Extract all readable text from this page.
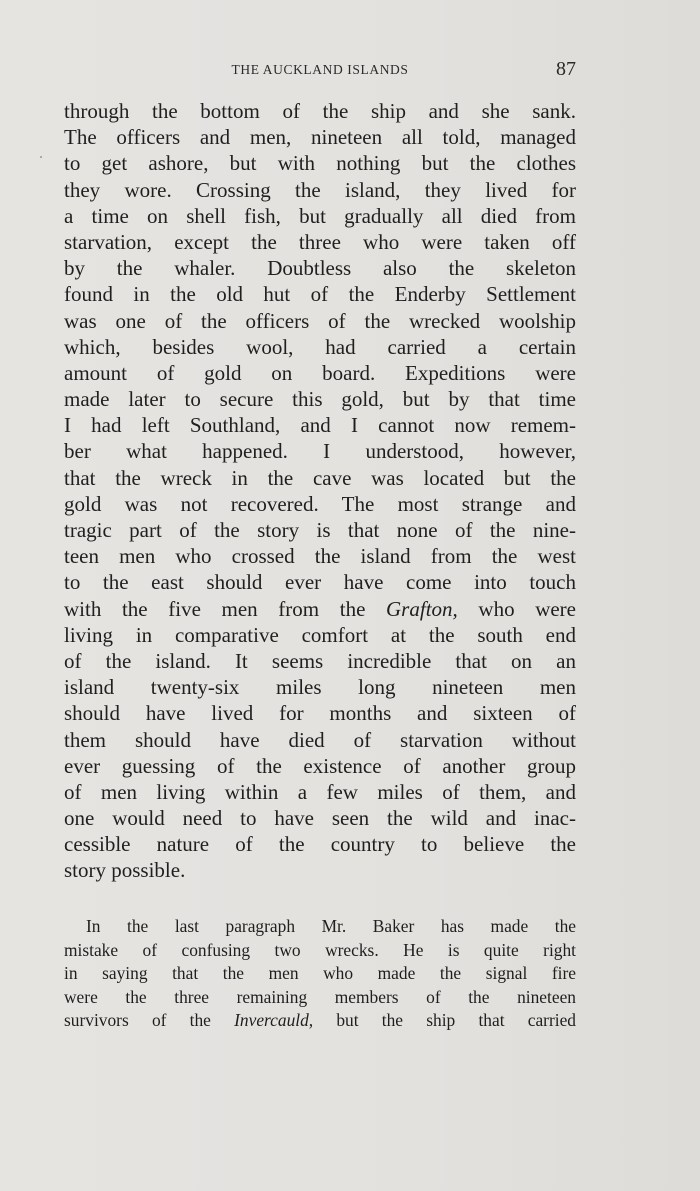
THE AUCKLAND ISLANDS	87
through the bottom of the ship and she sank.
The officers and men, nineteen all told, managed
to get ashore, but with nothing but the clothes
they wore. Crossing the island, they lived for
a time on shell fish, but gradually all died from
starvation, except the three who were taken off
by the whaler. Doubtless also the skeleton
found in the old hut of the Enderby Settlement
was one of the officers of the wrecked woolship
which, besides wool, had carried a certain
amount of gold on board. Expeditions were
made later to secure this gold, but by that time
I had left Southland, and I cannot now remem-
ber what happened. I understood, however,
that the wreck in the cave was located but the
gold was not recovered. The most strange and
tragic part of the story is that none of the nine-
teen men who crossed the island from the west
to the east should ever have come into touch
with the five men from the Grafton, who were
living in comparative comfort at the south end
of the island. It seems incredible that on an
island twenty-six miles long nineteen men
should have lived for months and sixteen of
them should have died of starvation without
ever guessing of the existence of another group
of men living within a few miles of them, and
one would need to have seen the wild and inac-
cessible nature of the country to believe the
story possible.
In the last paragraph Mr. Baker has made the
mistake of confusing two wrecks. He is quite right
in saying that the men who made the signal fire
were the three remaining members of the nineteen
survivors of the Invercauld, but the ship that carried
